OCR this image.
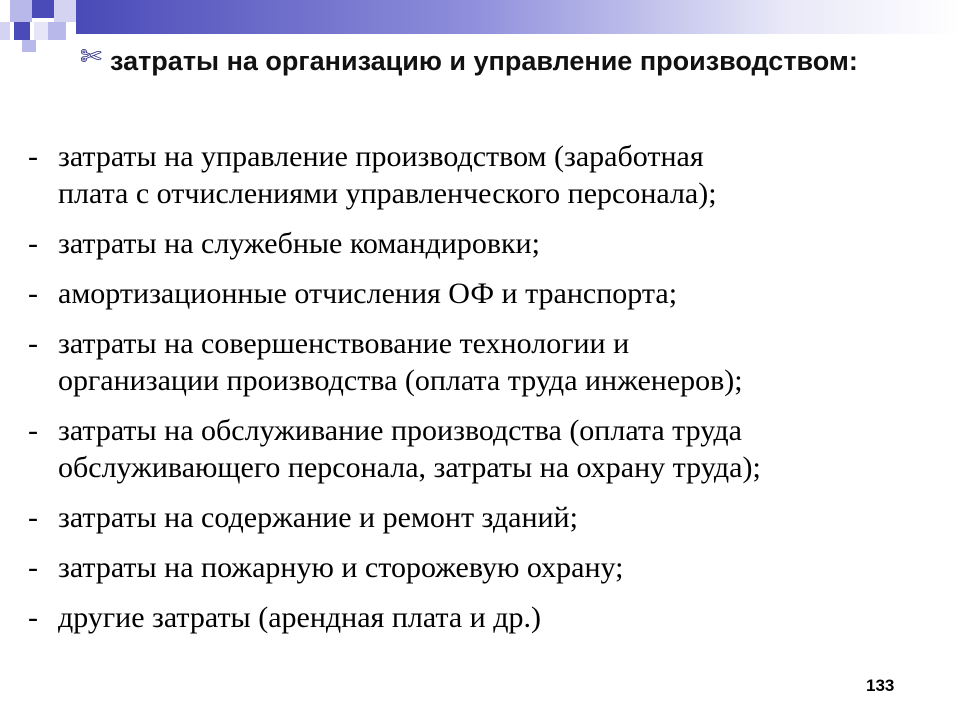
✄ затраты на организацию и управление производством:
- затраты на управление производством (заработная
плата с отчислениями управленческого персонала);
- затраты на служебные командировки;
- амортизационные отчисления ОФ и транспорта;
- затраты на совершенствование технологии и
организации производства (оплата труда инженеров);
- затраты на обслуживание производства (оплата труда
обслуживающего персонала, затраты на охрану труда);
- затраты на содержание и ремонт зданий;
- затраты на пожарную и сторожевую охрану;
- другие затраты (арендная плата и др.)
133
